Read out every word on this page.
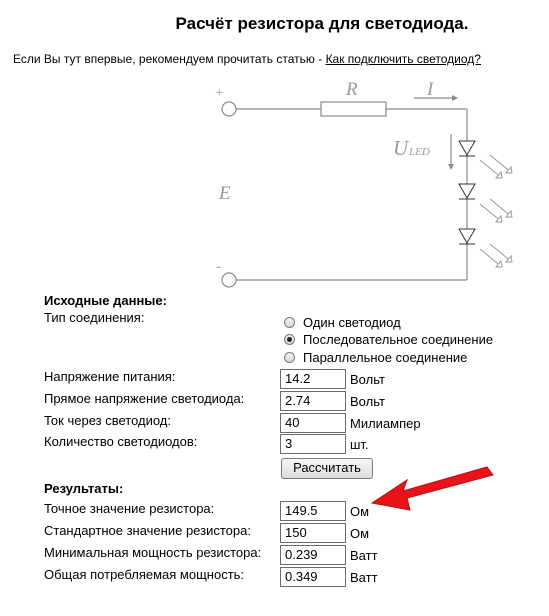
Расчёт резистора для светодиода.
Если Вы тут впервые, рекомендуем прочитать статью - Как подключить светодиод?
+
-
R	I
U LED
E
Исходные данные:
Тип соединения:	Один светодиод
Последовательное соединение
Параллельное соединение
Напряжение питания:	14.2	Вольт
Прямое напряжение светодиода:	2.74	Вольт
Ток через светодиод:	40	Милиампер
Количество светодиодов:	3	шт.
Рассчитать
Результаты:
Точное значение резистора:	149.5	Ом
Стандартное значение резистора:	150	Ом
Минимальная мощность резистора:	0.239	Ватт
Общая потребляемая мощность:	0.349	Ватт
